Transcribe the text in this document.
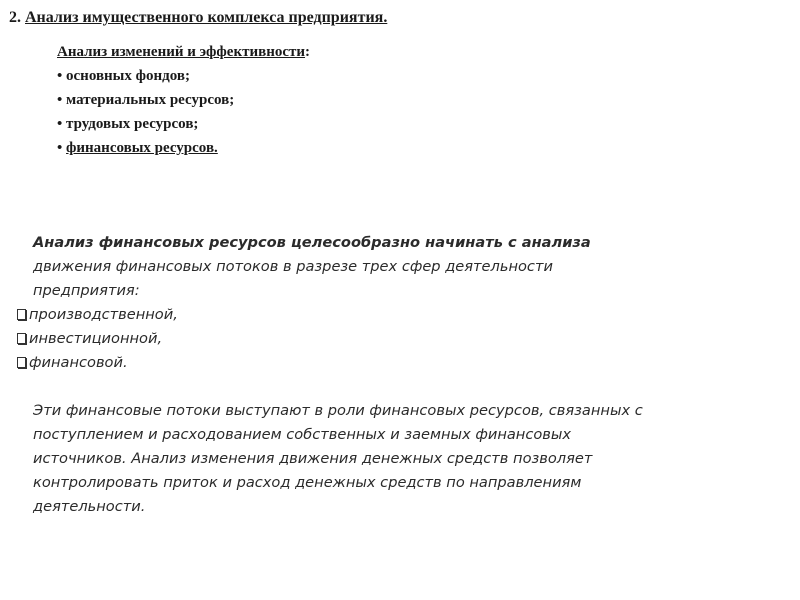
2. Анализ имущественного комплекса предприятия.
Анализ изменений и эффективности:
• основных фондов;
• материальных ресурсов;
• трудовых ресурсов;
• финансовых ресурсов.
Анализ финансовых ресурсов целесообразно начинать с анализа
движения финансовых потоков в разрезе трех сфер деятельности
предприятия:
производственной,
инвестиционной,
финансовой.
Эти финансовые потоки выступают в роли финансовых ресурсов, связанных с
поступлением и расходованием собственных и заемных финансовых
источников. Анализ изменения движения денежных средств позволяет
контролировать приток и расход денежных средств по направлениям
деятельности.
